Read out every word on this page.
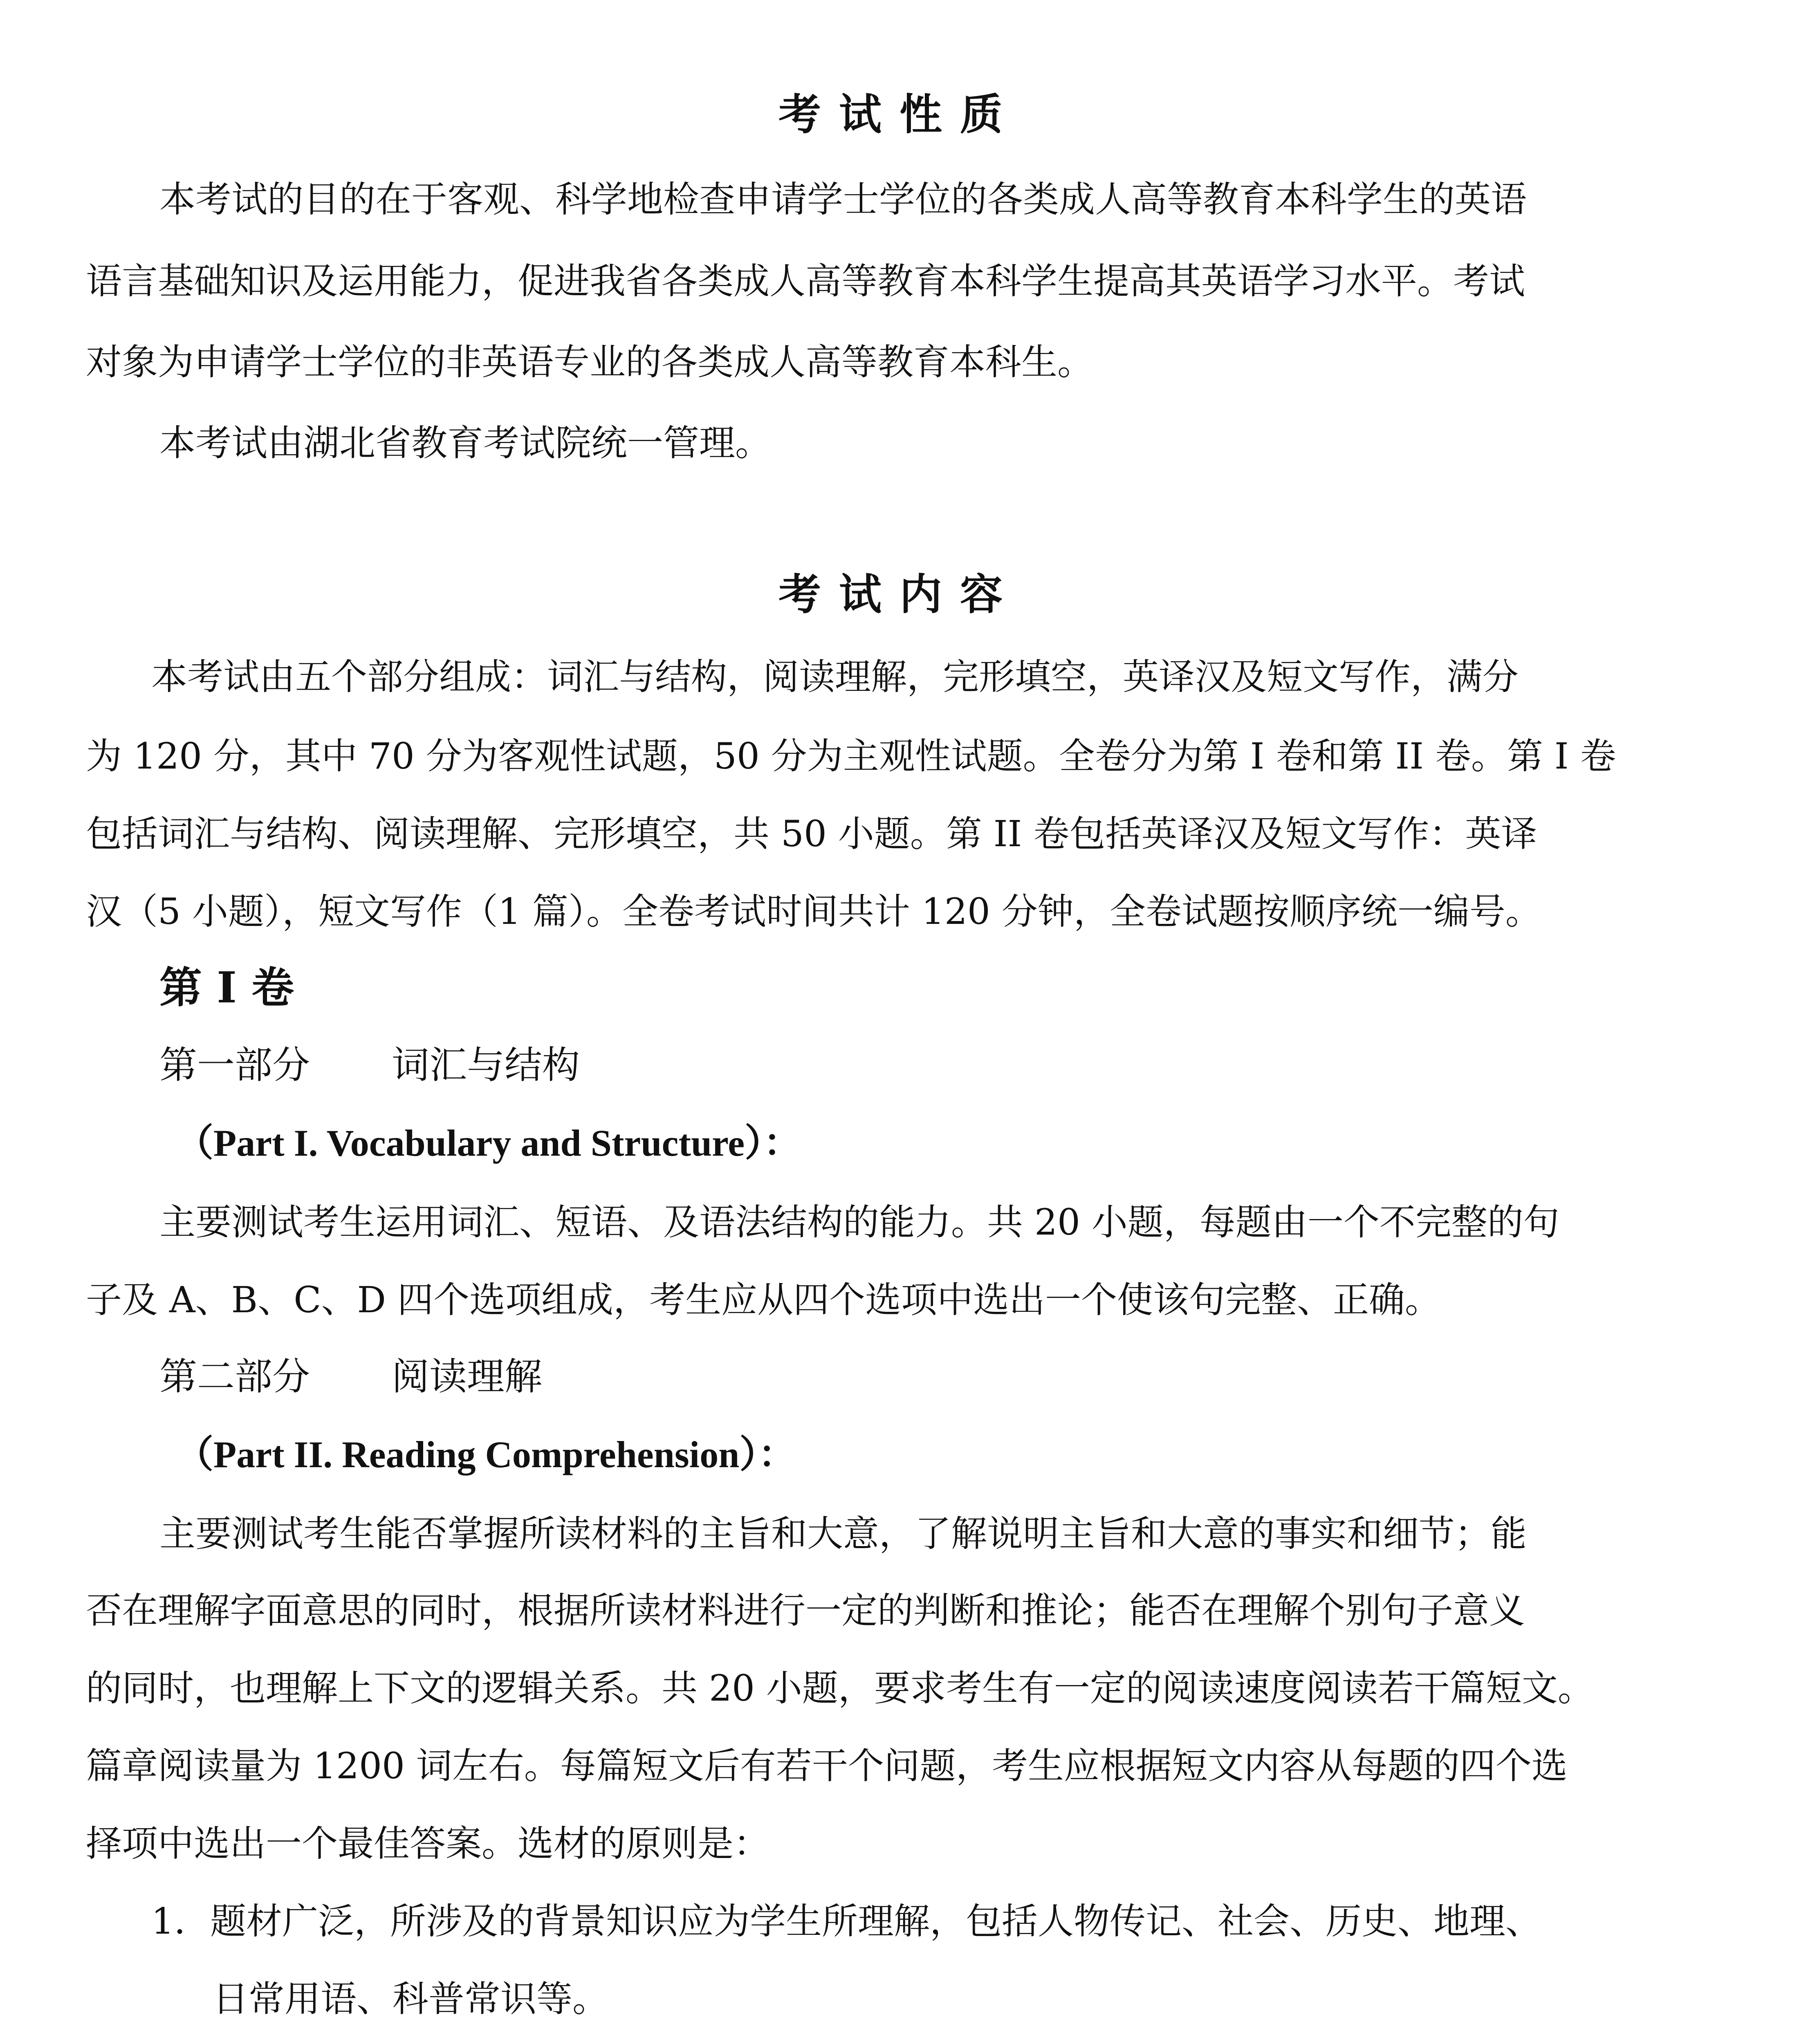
考试性质
本考试的目的在于客观、科学地检查申请学士学位的各类成人高等教育本科学生的英语
语言基础知识及运用能力，促进我省各类成人高等教育本科学生提高其英语学习水平。考试
对象为申请学士学位的非英语专业的各类成人高等教育本科生。
本考试由湖北省教育考试院统一管理。
考试内容
本考试由五个部分组成：词汇与结构，阅读理解，完形填空，英译汉及短文写作，满分
为 120 分，其中 70 分为客观性试题，50 分为主观性试题。全卷分为第 I 卷和第 II 卷。第 I 卷
包括词汇与结构、阅读理解、完形填空，共 50 小题。第 II 卷包括英译汉及短文写作：英译
汉（5 小题），短文写作（1 篇）。全卷考试时间共计 120 分钟，全卷试题按顺序统一编号。
第 I 卷
第一部分 词汇与结构
（Part I. Vocabulary and Structure）：
主要测试考生运用词汇、短语、及语法结构的能力。共 20 小题，每题由一个不完整的句
子及 A、B、C、D 四个选项组成，考生应从四个选项中选出一个使该句完整、正确。
第二部分 阅读理解
（Part II. Reading Comprehension）：
主要测试考生能否掌握所读材料的主旨和大意，了解说明主旨和大意的事实和细节；能
否在理解字面意思的同时，根据所读材料进行一定的判断和推论；能否在理解个别句子意义
的同时，也理解上下文的逻辑关系。共 20 小题，要求考生有一定的阅读速度阅读若干篇短文。
篇章阅读量为 1200 词左右。每篇短文后有若干个问题，考生应根据短文内容从每题的四个选
择项中选出一个最佳答案。选材的原则是：
1．题材广泛，所涉及的背景知识应为学生所理解，包括人物传记、社会、历史、地理、
日常用语、科普常识等。
